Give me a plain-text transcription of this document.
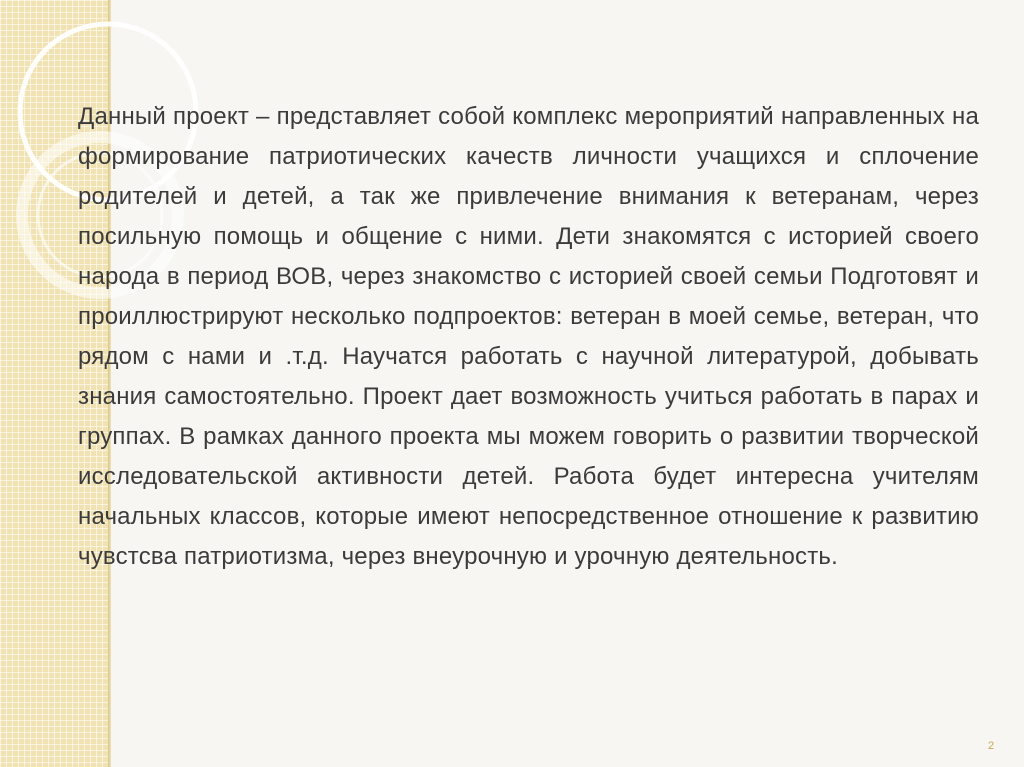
Данный проект – представляет собой комплекс мероприятий направленных на формирование патриотических качеств личности учащихся и сплочение родителей и детей, а так же привлечение внимания к ветеранам, через посильную помощь и общение с ними. Дети знакомятся с историей своего народа в период ВОВ, через знакомство с историей своей семьи Подготовят и проиллюстрируют несколько подпроектов: ветеран в моей семье, ветеран, что рядом с нами и .т.д. Научатся работать с научной литературой, добывать знания самостоятельно. Проект дает возможность учиться работать в парах и группах. В рамках данного проекта мы можем говорить о развитии творческой исследовательской активности детей. Работа будет интересна учителям начальных классов, которые имеют непосредственное отношение к развитию чувстсва патриотизма, через внеурочную и урочную деятельность.

2
